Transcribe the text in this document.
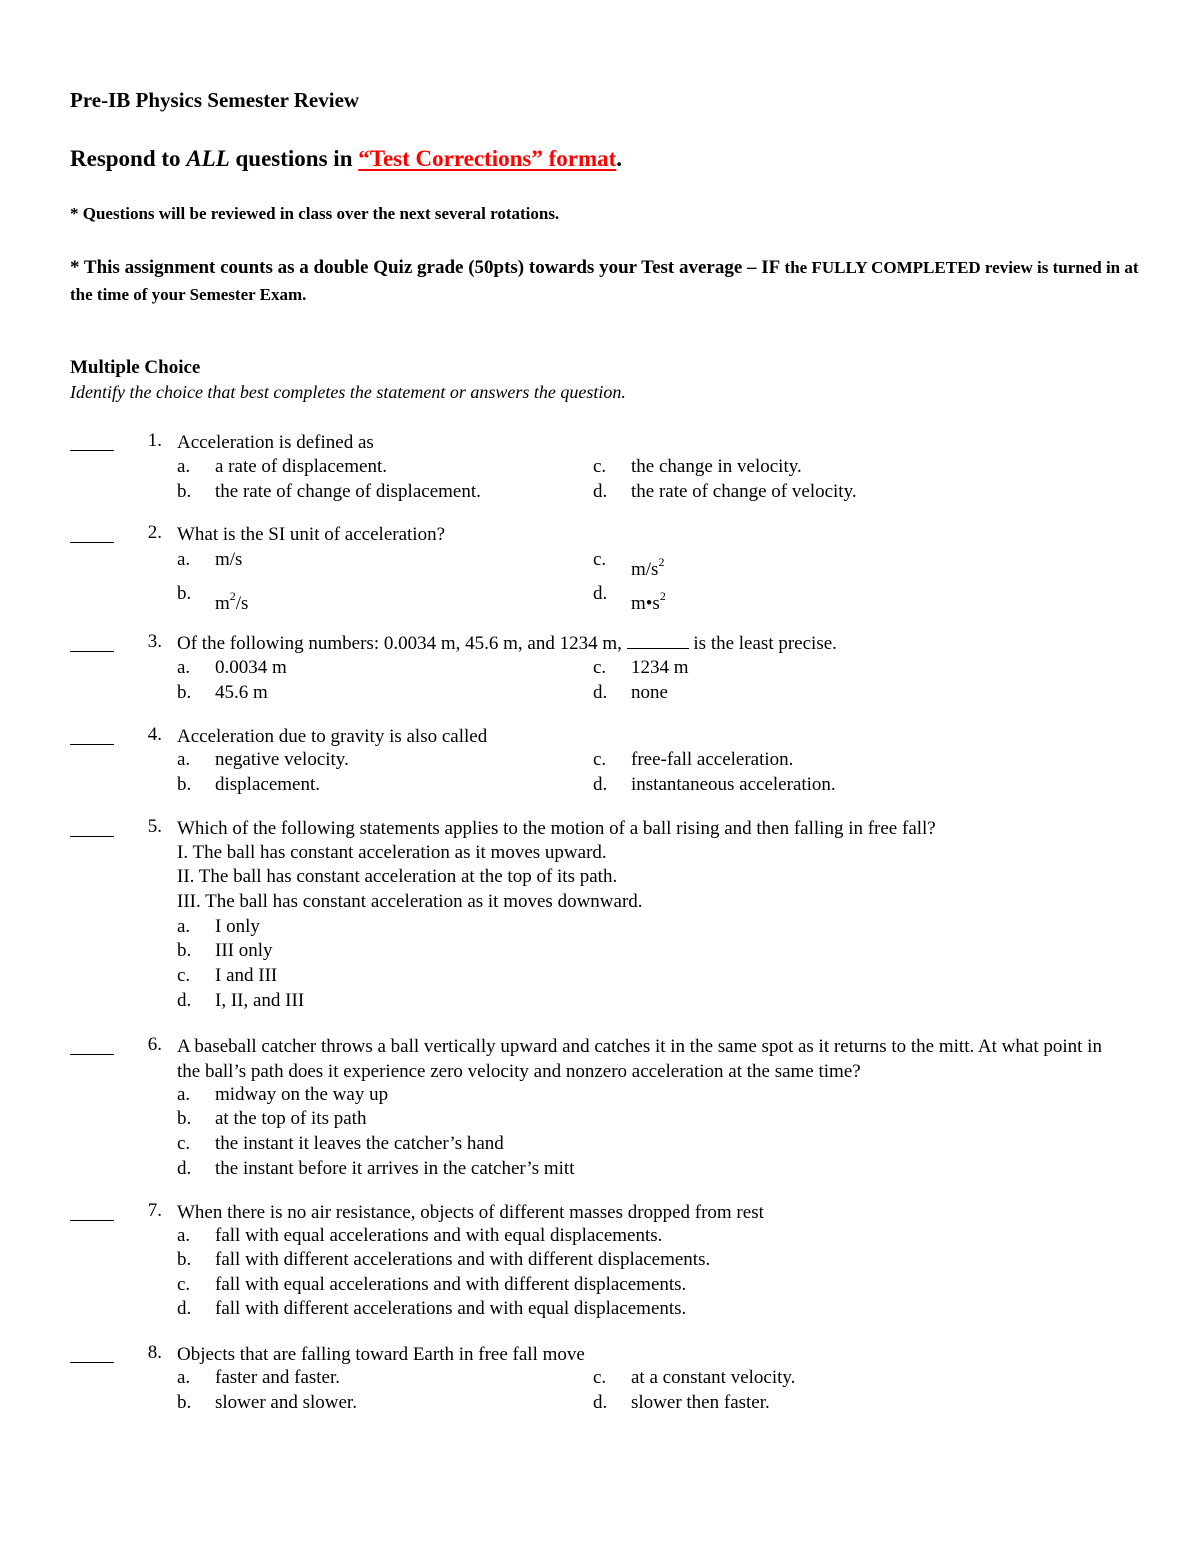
Pre-IB Physics Semester Review
Respond to ALL questions in “Test Corrections” format.
* Questions will be reviewed in class over the next several rotations.
* This assignment counts as a double Quiz grade (50pts) towards your Test average – IF the FULLY COMPLETED review is turned in at the time of your Semester Exam.
Multiple Choice
Identify the choice that best completes the statement or answers the question.
1. Acceleration is defined as
a. a rate of displacement.
b. the rate of change of displacement.
c. the change in velocity.
d. the rate of change of velocity.
2. What is the SI unit of acceleration?
a. m/s
b. $m^2/s$
c. $m/s^2$
d. $m•s^2$
3. Of the following numbers: 0.0034 m, 45.6 m, and 1234 m,	is the least precise.
a. 0.0034 m
b. 45.6 m
c. 1234 m
d. none
4. Acceleration due to gravity is also called
a. negative velocity.
b. displacement.
c. free-fall acceleration.
d. instantaneous acceleration.
5. Which of the following statements applies to the motion of a ball rising and then falling in free fall?
I. The ball has constant acceleration as it moves upward.
II. The ball has constant acceleration at the top of its path.
III. The ball has constant acceleration as it moves downward.
a. I only
b. III only
c. I and III
d. I, II, and III
6. A baseball catcher throws a ball vertically upward and catches it in the same spot as it returns to the mitt. At what point in the ball’s path does it experience zero velocity and nonzero acceleration at the same time?
a. midway on the way up
b. at the top of its path
c. the instant it leaves the catcher’s hand
d. the instant before it arrives in the catcher’s mitt
7. When there is no air resistance, objects of different masses dropped from rest
a. fall with equal accelerations and with equal displacements.
b. fall with different accelerations and with different displacements.
c. fall with equal accelerations and with different displacements.
d. fall with different accelerations and with equal displacements.
8. Objects that are falling toward Earth in free fall move
a. faster and faster.
b. slower and slower.
c. at a constant velocity.
d. slower then faster.
